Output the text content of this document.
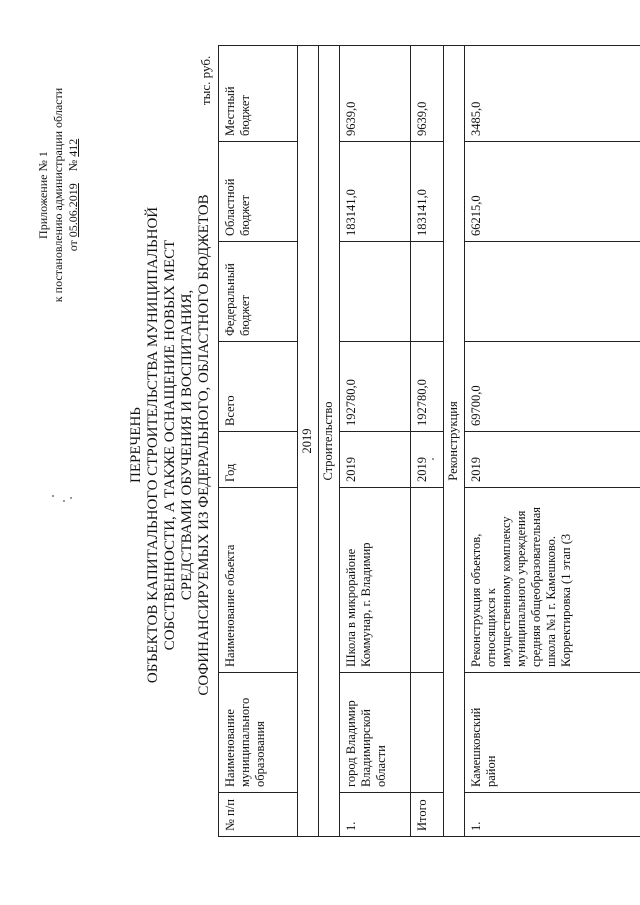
Приложение № 1 к постановлению администрации области от 05.06.2019    № 412
ПЕРЕЧЕНЬ ОБЪЕКТОВ КАПИТАЛЬНОГО СТРОИТЕЛЬСТВА МУНИЦИПАЛЬНОЙ СОБСТВЕННОСТИ, А ТАКЖЕ ОСНАЩЕНИЕ НОВЫХ МЕСТ СРЕДСТВАМИ ОБУЧЕНИЯ И ВОСПИТАНИЯ, СОФИНАНСИРУЕМЫХ ИЗ ФЕДЕРАЛЬНОГО, ОБЛАСТНОГО БЮДЖЕТОВ
тыс. руб.
№ п/п	Наименование муниципального образования	Наименование объекта	Год	Всего	Федеральный бюджет	Областной бюджет	Местный бюджет
2019							
Строительство							
1.	город Владимир Владимирской области	Школа в микрорайоне Коммунар, г. Владимир	2019	192780,0		183141,0	9639,0
Итого			2019	192780,0		183141,0	9639,0
Реконструкция							
1.	Камешковский район	Реконструкция объектов, относящихся к имущественному комплексу муниципального учреждения средняя общеобразовательная школа №1 г. Камешково. Корректировка (1 этап (3	2019	69700,0		66215,0	3485,0
